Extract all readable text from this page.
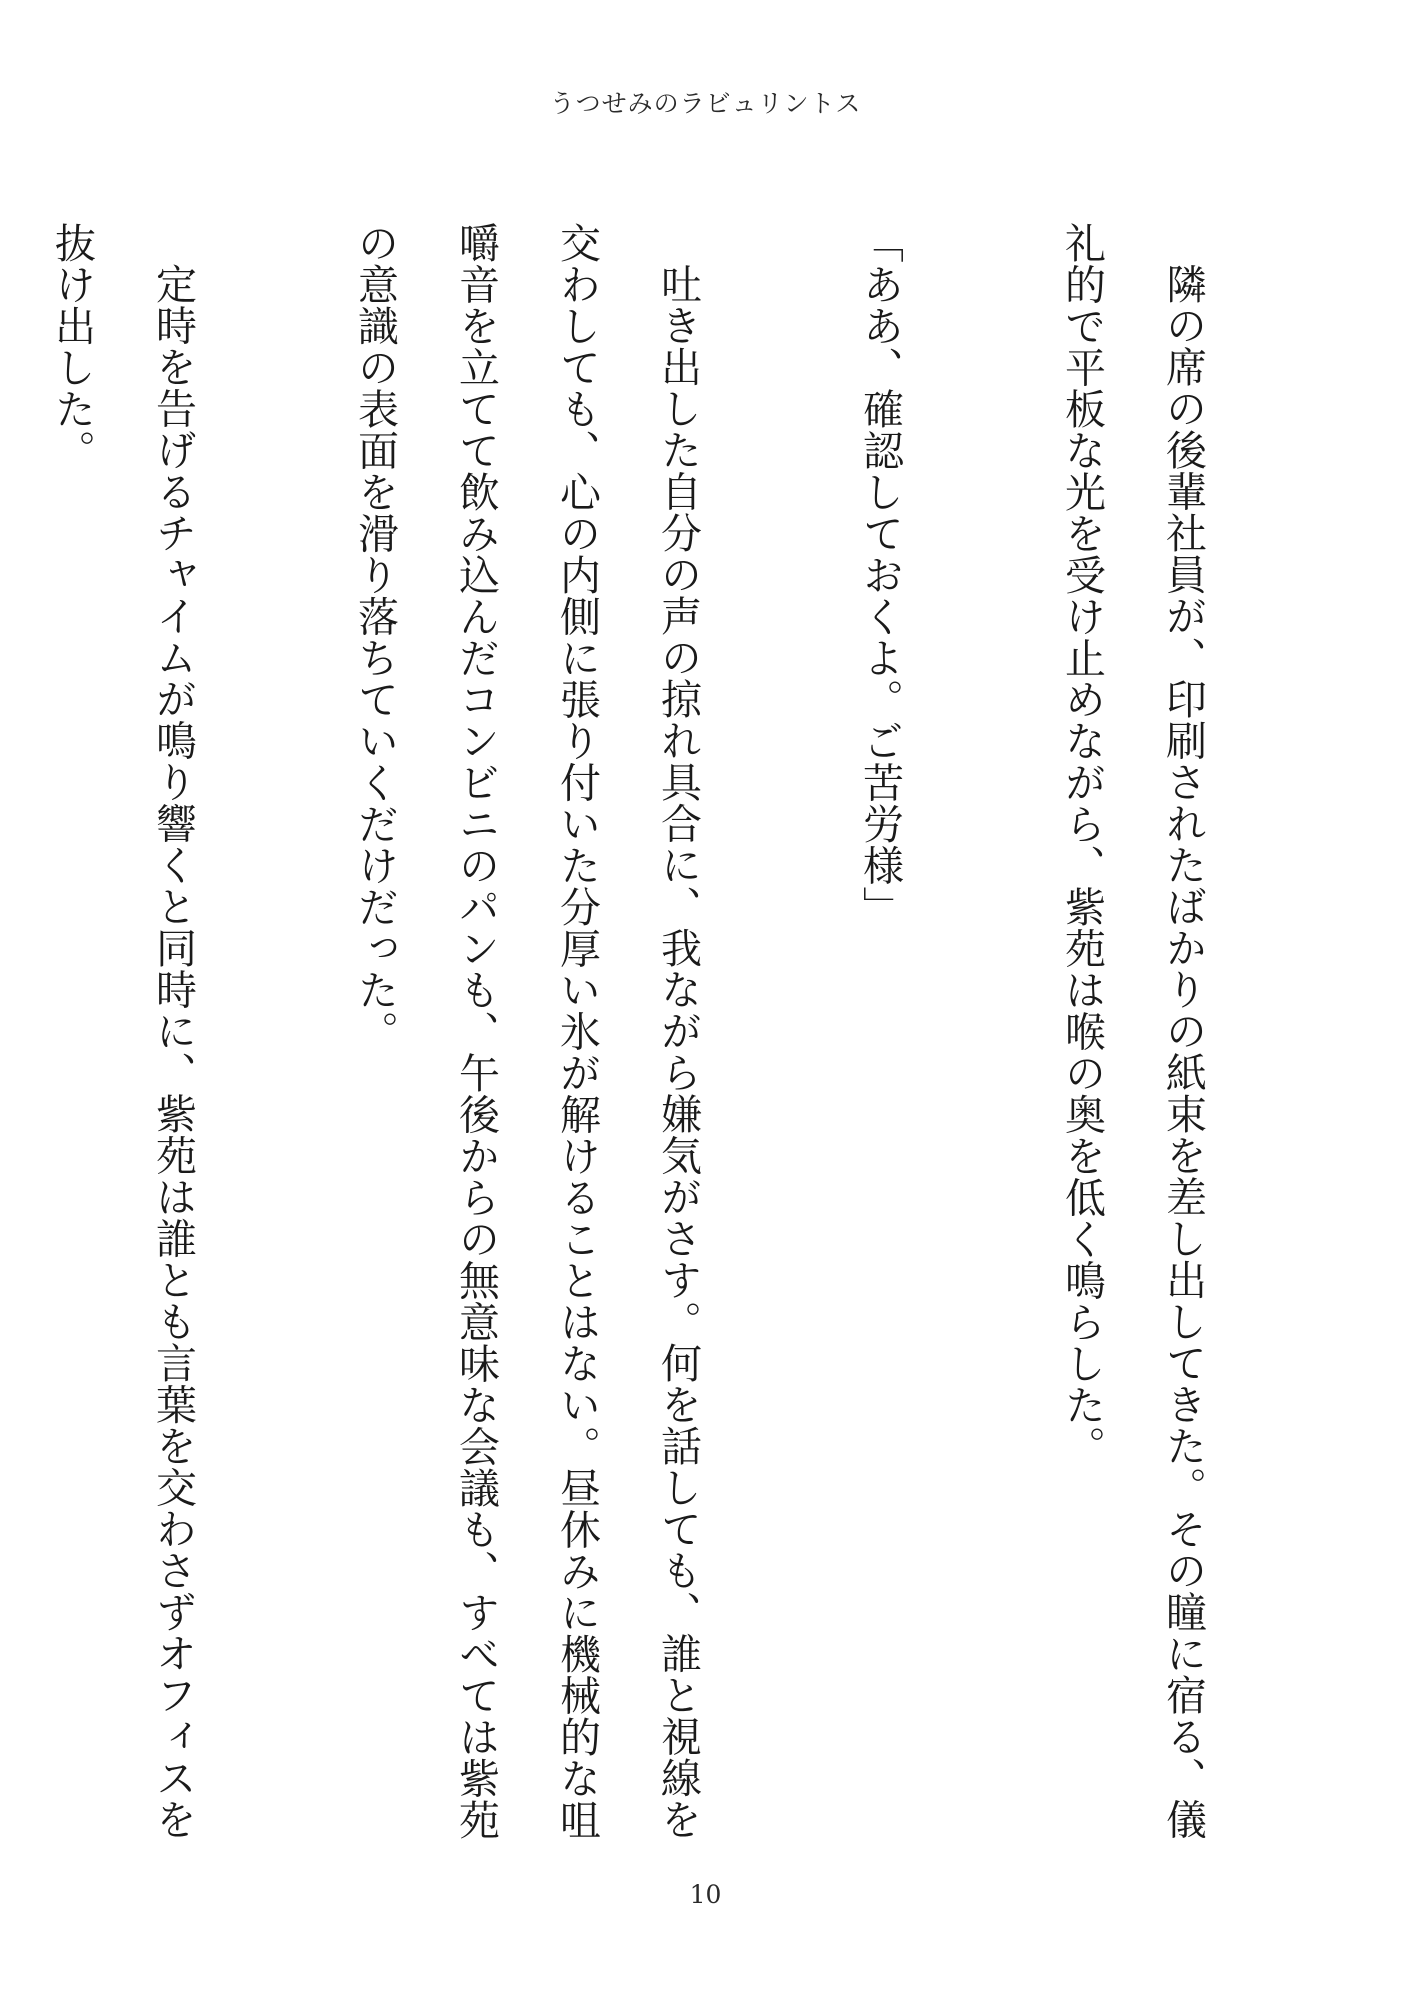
うつせみのラビュリントス

隣の席の後輩社員が、印刷されたばかりの紙束を差し出してきた。その瞳に宿る、儀礼的で平板な光を受け止めながら、紫苑は喉の奥を低く鳴らした。

「ああ、確認しておくよ。ご苦労様」

吐き出した自分の声の掠れ具合に、我ながら嫌気がさす。何を話しても、誰と視線を交わしても、心の内側に張り付いた分厚い氷が解けることはない。昼休みに機械的な咀嚼音を立てて飲み込んだコンビニのパンも、午後からの無意味な会議も、すべては紫苑の意識の表面を滑り落ちていくだけだった。

定時を告げるチャイムが鳴り響くと同時に、紫苑は誰とも言葉を交わさずオフィスを抜け出した。

10
